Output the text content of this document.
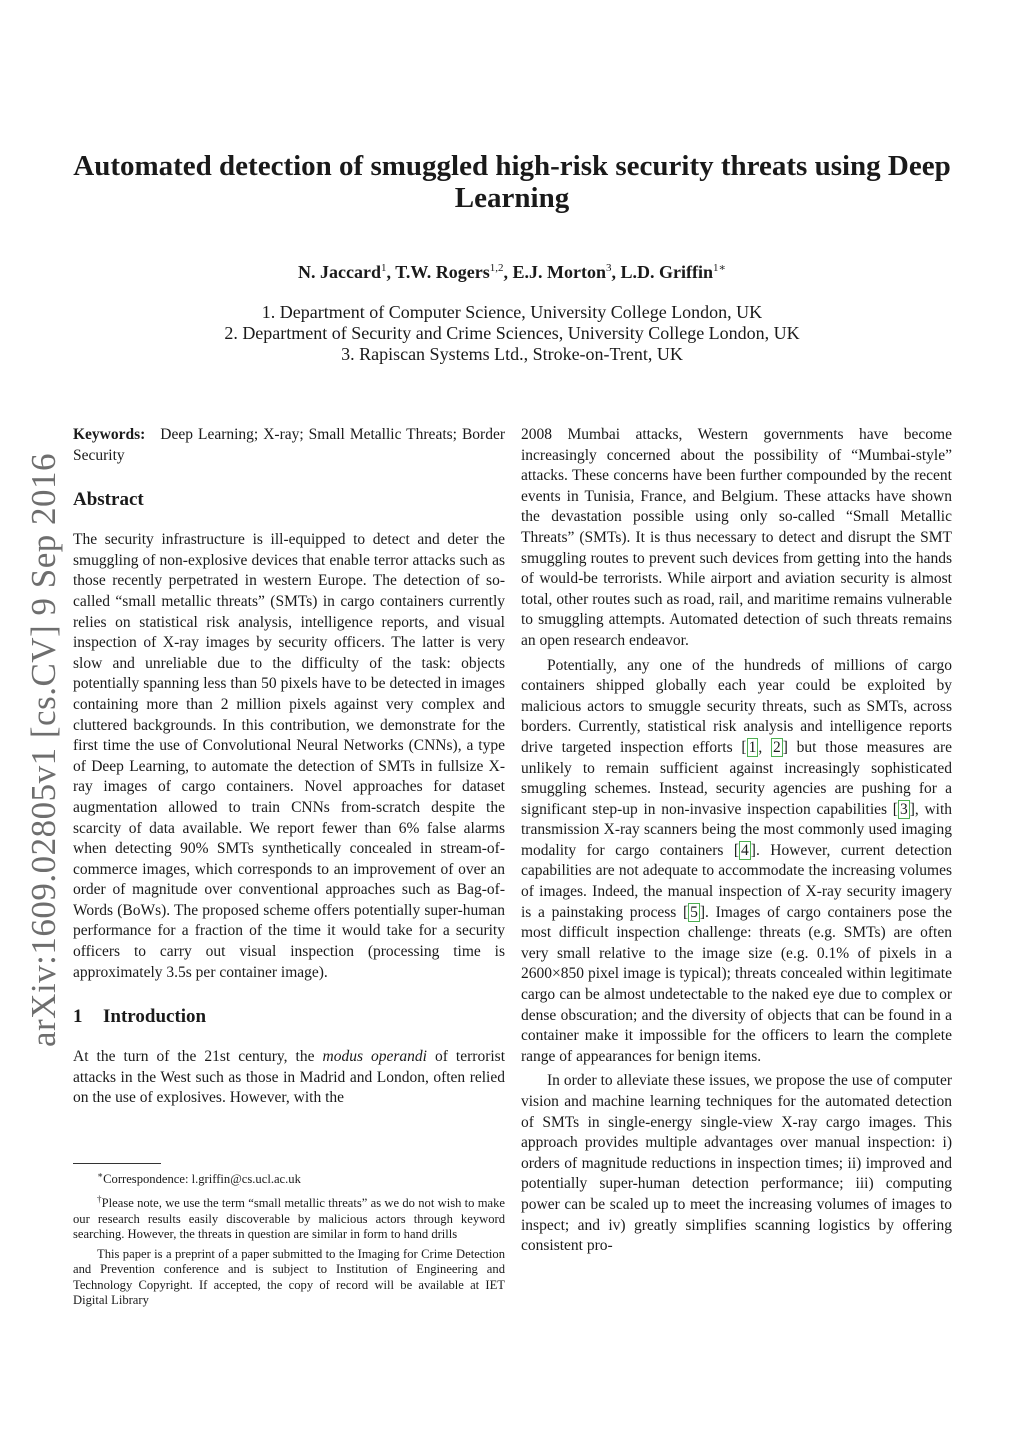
arXiv:1609.02805v1 [cs.CV] 9 Sep 2016
Automated detection of smuggled high-risk security threats using Deep Learning
N. Jaccard$^1$, T.W. Rogers$^{1,2}$, E.J. Morton$^3$, L.D. Griffin$^{1∗}$
1. Department of Computer Science, University College London, UK
2. Department of Security and Crime Sciences, University College London, UK
3. Rapiscan Systems Ltd., Stroke-on-Trent, UK

Keywords: Deep Learning; X-ray; Small Metallic Threats; Border Security

Abstract

The security infrastructure is ill-equipped to detect and deter the smuggling of non-explosive devices that enable terror attacks such as those recently perpetrated in western Europe. The detection of so-called “small metallic threats” (SMTs) in cargo containers currently relies on statistical risk analysis, intelligence reports, and visual inspection of X-ray images by security officers. The latter is very slow and unreliable due to the difficulty of the task: objects potentially spanning less than 50 pixels have to be detected in images containing more than 2 million pixels against very complex and cluttered backgrounds. In this contribution, we demonstrate for the first time the use of Convolutional Neural Networks (CNNs), a type of Deep Learning, to automate the detection of SMTs in fullsize X-ray images of cargo containers. Novel approaches for dataset augmentation allowed to train CNNs from-scratch despite the scarcity of data available. We report fewer than 6% false alarms when detecting 90% SMTs synthetically concealed in stream-of-commerce images, which corresponds to an improvement of over an order of magnitude over conventional approaches such as Bag-of-Words (BoWs). The proposed scheme offers potentially super-human performance for a fraction of the time it would take for a security officers to carry out visual inspection (processing time is approximately 3.5s per container image).

1 Introduction

At the turn of the 21st century, the modus operandi of terrorist attacks in the West such as those in Madrid and London, often relied on the use of explosives. However, with the

∗Correspondence: l.griffin@cs.ucl.ac.uk

†Please note, we use the term “small metallic threats” as we do not wish to make our research results easily discoverable by malicious actors through keyword searching. However, the threats in question are similar in form to hand drills

This paper is a preprint of a paper submitted to the Imaging for Crime Detection and Prevention conference and is subject to Institution of Engineering and Technology Copyright. If accepted, the copy of record will be available at IET Digital Library

2008 Mumbai attacks, Western governments have become increasingly concerned about the possibility of “Mumbai-style” attacks. These concerns have been further compounded by the recent events in Tunisia, France, and Belgium. These attacks have shown the devastation possible using only so-called “Small Metallic Threats” (SMTs). It is thus necessary to detect and disrupt the SMT smuggling routes to prevent such devices from getting into the hands of would-be terrorists. While airport and aviation security is almost total, other routes such as road, rail, and maritime remains vulnerable to smuggling attempts. Automated detection of such threats remains an open research endeavor.

Potentially, any one of the hundreds of millions of cargo containers shipped globally each year could be exploited by malicious actors to smuggle security threats, such as SMTs, across borders. Currently, statistical risk analysis and intelligence reports drive targeted inspection efforts [ 1 , 2 ] but those measures are unlikely to remain sufficient against increasingly sophisticated smuggling schemes. Instead, security agencies are pushing for a significant step-up in non-invasive inspection capabilities [ 3 ], with transmission X-ray scanners being the most commonly used imaging modality for cargo containers [ 4 ]. However, current detection capabilities are not adequate to accommodate the increasing volumes of images. Indeed, the manual inspection of X-ray security imagery is a painstaking process [ 5 ]. Images of cargo containers pose the most difficult inspection challenge: threats (e.g. SMTs) are often very small relative to the image size (e.g. 0.1% of pixels in a 2600×850 pixel image is typical); threats concealed within legitimate cargo can be almost undetectable to the naked eye due to complex or dense obscuration; and the diversity of objects that can be found in a container make it impossible for the officers to learn the complete range of appearances for benign items.

In order to alleviate these issues, we propose the use of computer vision and machine learning techniques for the automated detection of SMTs in single-energy single-view X-ray cargo images. This approach provides multiple advantages over manual inspection: i) orders of magnitude reductions in inspection times; ii) improved and potentially super-human detection performance; iii) computing power can be scaled up to meet the increasing volumes of images to inspect; and iv) greatly simplifies scanning logistics by offering consistent pro-
